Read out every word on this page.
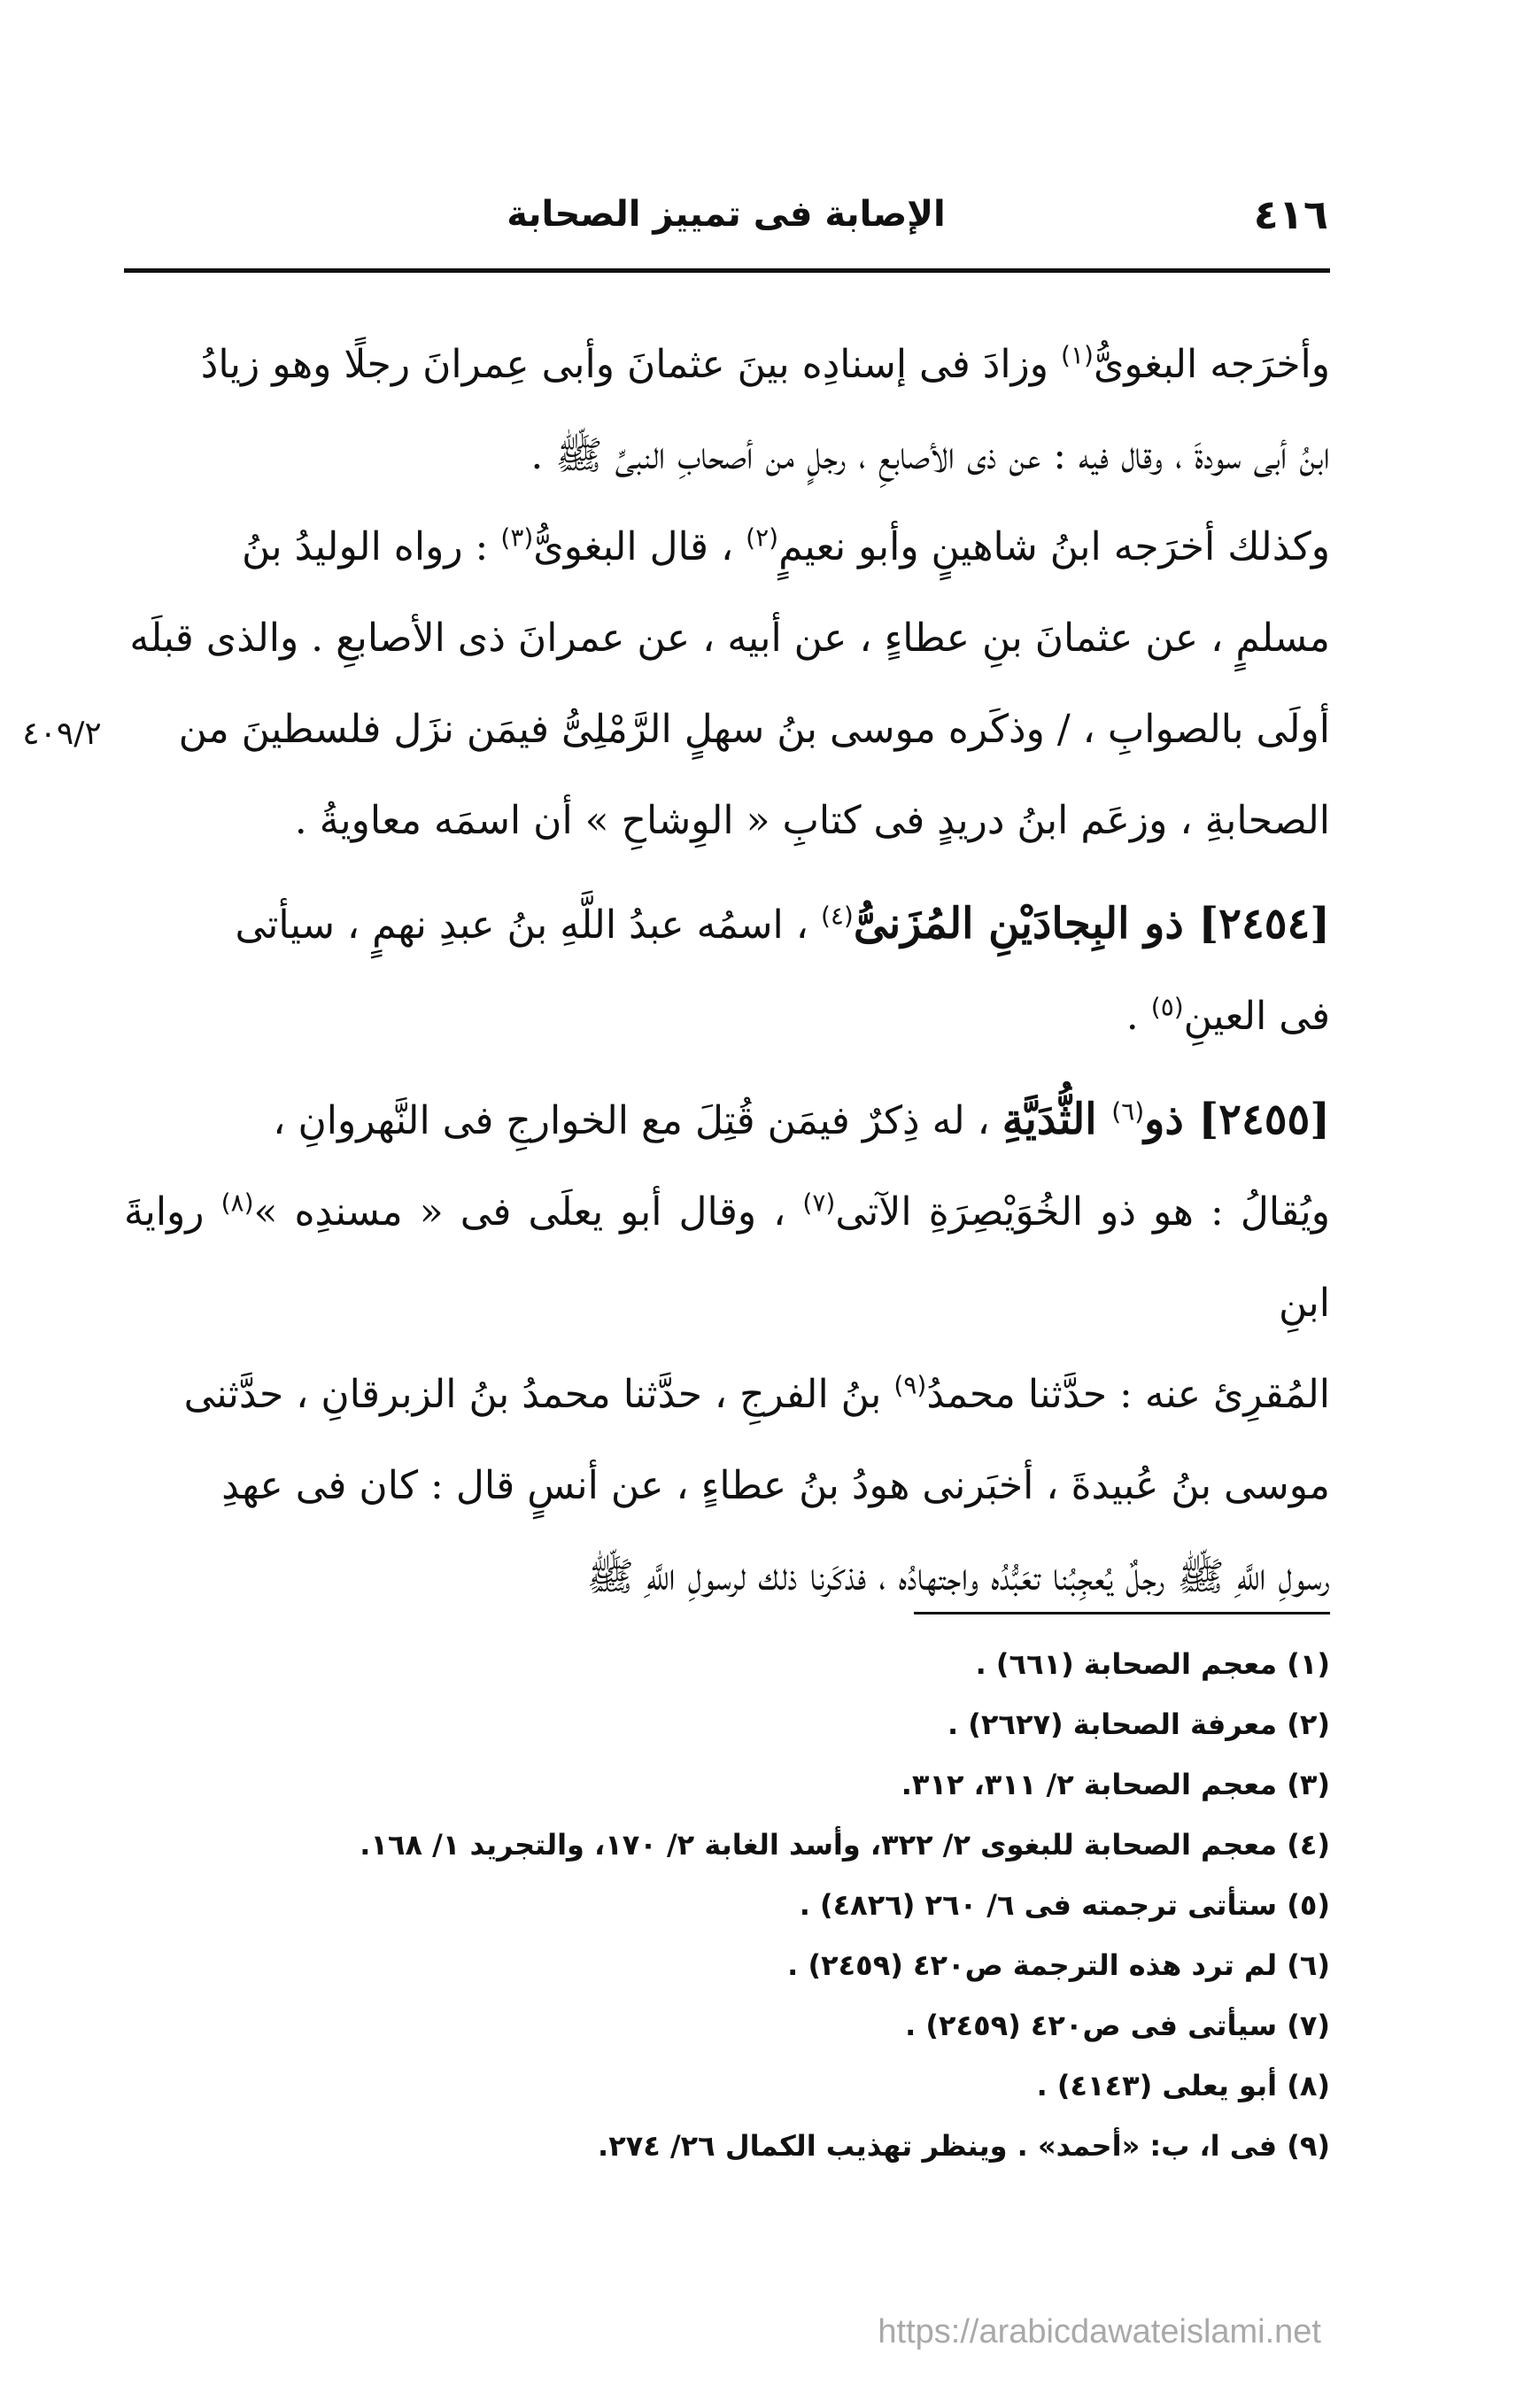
٤١٦
الإصابة فى تمييز الصحابة
٤٠٩/٢

وأخرَجه البغوىُّ$^{(١)}$ وزادَ فى إسنادِه بينَ عثمانَ وأبى عِمرانَ رجلًا وهو زيادُ

ابنُ أبى سودةَ ، وقال فيه : عن ذى الأصابعِ ، رجلٍ من أصحابِ النبىِّ ﷺ .

وكذلك أخرَجه ابنُ شاهينٍ وأبو نعيمٍ$^{(٢)}$ ، قال البغوىُّ$^{(٣)}$ : رواه الوليدُ بنُ

مسلمٍ ، عن عثمانَ بنِ عطاءٍ ، عن أبيه ، عن عمرانَ ذى الأصابعِ . والذى قبلَه

أولَى بالصوابِ ، / وذكَره موسى بنُ سهلٍ الرَّمْلِىُّ فيمَن نزَل فلسطينَ من

الصحابةِ ، وزعَم ابنُ دريدٍ فى كتابِ « الوِشاحِ » أن اسمَه معاويةُ .

[٢٤٥٤] ذو البِجادَيْنِ المُزَنىُّ$^{(٤)}$ ، اسمُه عبدُ اللَّهِ بنُ عبدِ نهمٍ ، سيأتى

فى العينِ$^{(٥)}$ .

[٢٤٥٥] ذو$^{(٦)}$ الثُّدَيَّةِ ، له ذِكرٌ فيمَن قُتِلَ مع الخوارجِ فى النَّهروانِ ،

ويُقالُ : هو ذو الخُوَيْصِرَةِ الآتى$^{(٧)}$ ، وقال أبو يعلَى فى « مسندِه »$^{(٨)}$ روايةَ ابنِ

المُقرِئ عنه : حدَّثنا محمدُ$^{(٩)}$ بنُ الفرجِ ، حدَّثنا محمدُ بنُ الزبرقانِ ، حدَّثنى

موسى بنُ عُبيدةَ ، أخبَرنى هودُ بنُ عطاءٍ ، عن أنسٍ قال : كان فى عهدِ

رسولِ اللَّهِ ﷺ رجلٌ يُعجِبُنا تعَبُّدُه واجتهادُه ، فذكَرنا ذلك لرسولِ اللَّهِ ﷺ

(١) معجم الصحابة (٦٦١) .
(٢) معرفة الصحابة (٢٦٢٧) .
(٣) معجم الصحابة ٢/ ٣١١، ٣١٢.
(٤) معجم الصحابة للبغوى ٢/ ٣٢٢، وأسد الغابة ٢/ ١٧٠، والتجريد ١/ ١٦٨.
(٥) ستأتى ترجمته فى ٦/ ٢٦٠ (٤٨٢٦) .
(٦) لم ترد هذه الترجمة ص٤٢٠ (٢٤٥٩) .
(٧) سيأتى فى ص٤٢٠ (٢٤٥٩) .
(٨) أبو يعلى (٤١٤٣) .
(٩) فى ا، ب: «أحمد» . وينظر تهذيب الكمال ٢٦/ ٢٧٤.
https://arabicdawateislami.net
